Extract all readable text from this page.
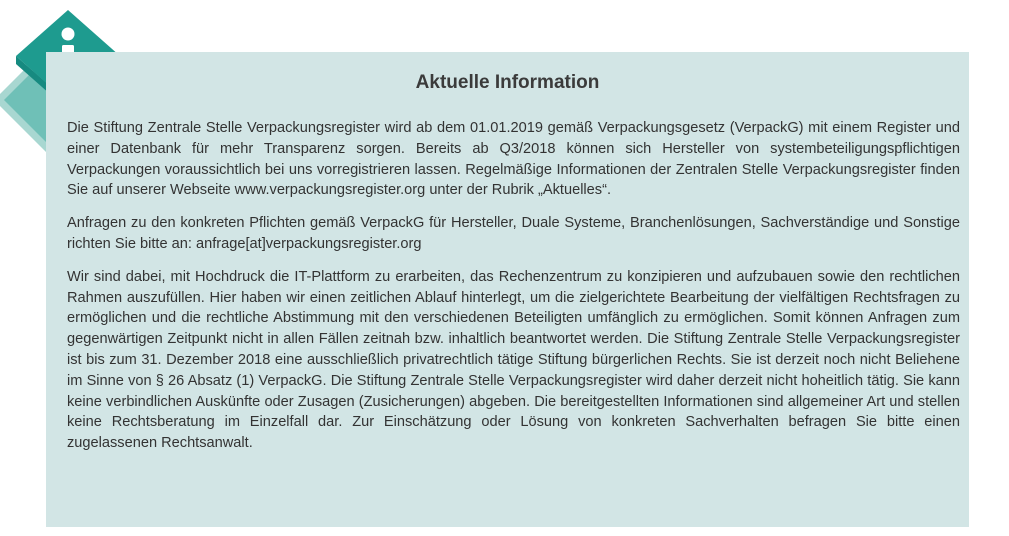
Aktuelle Information

Die Stiftung Zentrale Stelle Verpackungsregister wird ab dem 01.01.2019 gemäß Verpackungsgesetz (VerpackG) mit einem Register und einer Datenbank für mehr Transparenz sorgen. Bereits ab Q3/2018 können sich Hersteller von systembeteiligungspflichtigen Verpackungen voraussichtlich bei uns vorregistrieren lassen. Regelmäßige Informationen der Zentralen Stelle Verpackungsregister finden Sie auf unserer Webseite www.verpackungsregister.org unter der Rubrik „Aktuelles“.

Anfragen zu den konkreten Pflichten gemäß VerpackG für Hersteller, Duale Systeme, Branchenlösungen, Sachverständige und Sonstige richten Sie bitte an: anfrage[at]verpackungsregister.org

Wir sind dabei, mit Hochdruck die IT-Plattform zu erarbeiten, das Rechenzentrum zu konzipieren und aufzubauen sowie den rechtlichen Rahmen auszufüllen. Hier haben wir einen zeitlichen Ablauf hinterlegt, um die zielgerichtete Bearbeitung der vielfältigen Rechtsfragen zu ermöglichen und die rechtliche Abstimmung mit den verschiedenen Beteiligten umfänglich zu ermöglichen. Somit können Anfragen zum gegenwärtigen Zeitpunkt nicht in allen Fällen zeitnah bzw. inhaltlich beantwortet werden. Die Stiftung Zentrale Stelle Verpackungsregister ist bis zum 31. Dezember 2018 eine ausschließlich privatrechtlich tätige Stiftung bürgerlichen Rechts. Sie ist derzeit noch nicht Beliehene im Sinne von § 26 Absatz (1) VerpackG. Die Stiftung Zentrale Stelle Verpackungsregister wird daher derzeit nicht hoheitlich tätig. Sie kann keine verbindlichen Auskünfte oder Zusagen (Zusicherungen) abgeben. Die bereitgestellten Informationen sind allgemeiner Art und stellen keine Rechtsberatung im Einzelfall dar. Zur Einschätzung oder Lösung von konkreten Sachverhalten befragen Sie bitte einen zugelassenen Rechtsanwalt.
